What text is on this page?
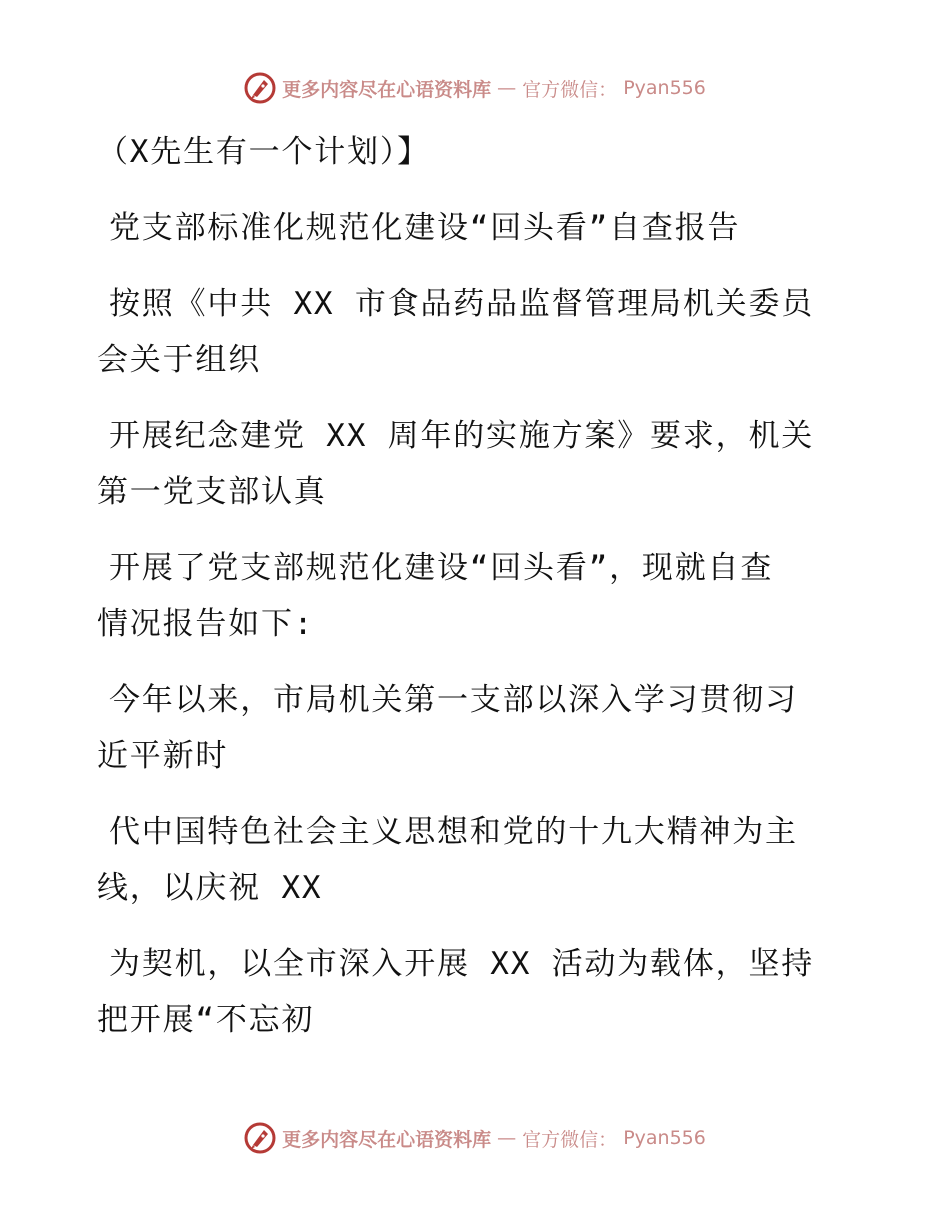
更多内容尽在心语资料库 — 官方微信： Pyan556
（X先生有一个计划）】
党支部标准化规范化建设“回头看”自查报告
按照《中共 XX 市食品药品监督管理局机关委员
会关于组织
开展纪念建党 XX 周年的实施方案》要求，机关
第一党支部认真
开展了党支部规范化建设“回头看”，现就自查
情况报告如下:
今年以来，市局机关第一支部以深入学习贯彻习
近平新时
代中国特色社会主义思想和党的十九大精神为主
线，以庆祝 XX
为契机，以全市深入开展 XX 活动为载体，坚持
把开展“不忘初
更多内容尽在心语资料库 — 官方微信： Pyan556
